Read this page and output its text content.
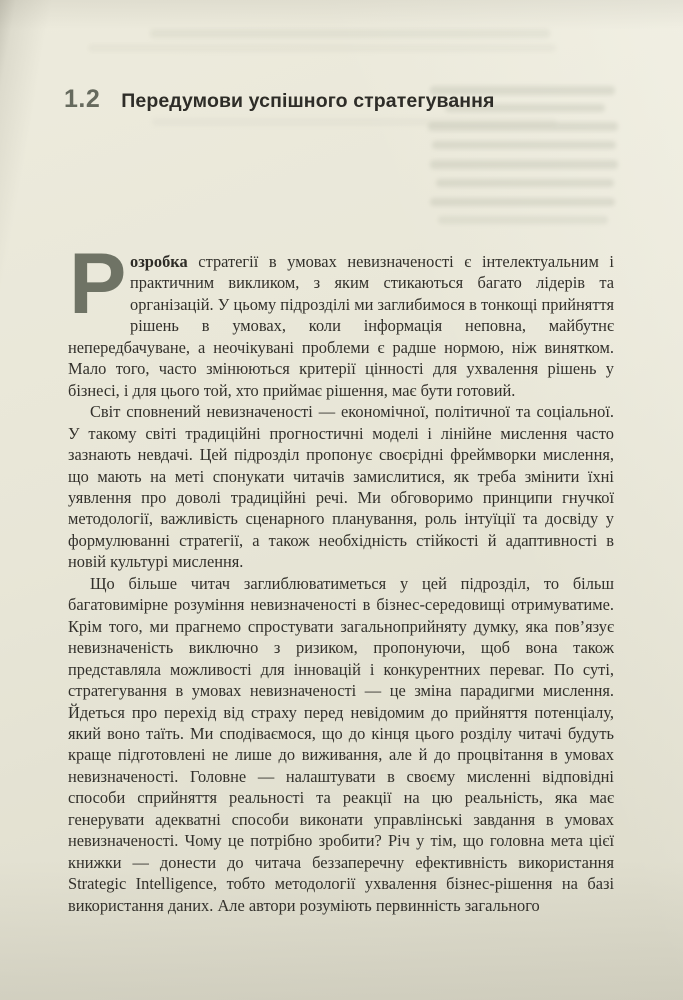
1.2 Передумови успішного стратегування

Р озробка стратегії в умовах невизначеності є інтелектуальним і практичним викликом, з яким стикаються багато лідерів та організацій. У цьому підрозділі ми заглибимося в тонкощі прийняття рішень в умовах, коли інформація неповна, майбутнє непередбачуване, а неочікувані проблеми є радше нормою, ніж винятком. Мало того, часто змінюються критерії цінності для ухвалення рішень у бізнесі, і для цього той, хто приймає рішення, має бути готовий.

Світ сповнений невизначеності — економічної, політичної та соціальної. У такому світі традиційні прогностичні моделі і лінійне мислення часто зазнають невдачі. Цей підрозділ пропонує своєрідні фреймворки мислення, що мають на меті спонукати читачів замислитися, як треба змінити їхні уявлення про доволі традиційні речі. Ми обговоримо принципи гнучкої методології, важливість сценарного планування, роль інтуїції та досвіду у формулюванні стратегії, а також необхідність стійкості й адаптивності в новій культурі мислення.

Що більше читач заглиблюватиметься у цей підрозділ, то більш багатовимірне розуміння невизначеності в бізнес-середовищі отримуватиме. Крім того, ми прагнемо спростувати загальноприйняту думку, яка пов’язує невизначеність виключно з ризиком, пропонуючи, щоб вона також представляла можливості для інновацій і конкурентних переваг. По суті, стратегування в умовах невизначеності — це зміна парадигми мислення. Йдеться про перехід від страху перед невідомим до прийняття потенціалу, який воно таїть. Ми сподіваємося, що до кінця цього розділу читачі будуть краще підготовлені не лише до виживання, але й до процвітання в умовах невизначеності. Головне — налаштувати в своєму мисленні відповідні способи сприйняття реальності та реакції на цю реальність, яка має генерувати адекватні способи виконати управлінські завдання в умовах невизначеності. Чому це потрібно зробити? Річ у тім, що головна мета цієї книжки — донести до читача беззаперечну ефективність використання Strategic Intelligence, тобто методології ухвалення бізнес-рішення на базі використання даних. Але автори розуміють первинність загального
